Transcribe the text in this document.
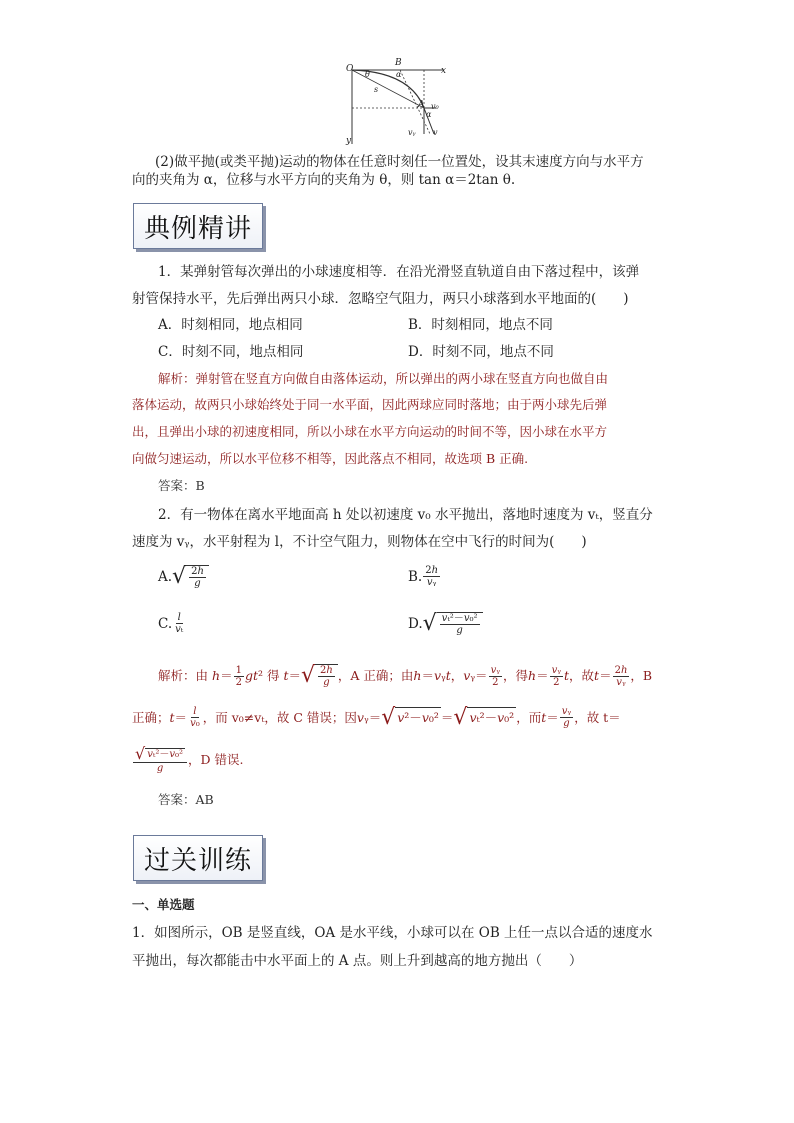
O
B
x
y
A
θ	α
α
s
v₀
vᵧ v
(2)做平抛(或类平抛)运动的物体在任意时刻任一位置处，设其末速度方向与水平方
向的夹角为 α，位移与水平方向的夹角为 θ，则 tan α＝2tan θ.
典例精讲
1．某弹射管每次弹出的小球速度相等．在沿光滑竖直轨道自由下落过程中，该弹
射管保持水平，先后弹出两只小球．忽略空气阻力，两只小球落到水平地面的(　　)
A．时刻相同，地点相同	B．时刻相同，地点不同
C．时刻不同，地点相同	D．时刻不同，地点不同
解析：弹射管在竖直方向做自由落体运动，所以弹出的两小球在竖直方向也做自由
落体运动，故两只小球始终处于同一水平面，因此两球应同时落地；由于两小球先后弹
出，且弹出小球的初速度相同，所以小球在水平方向运动的时间不等，因小球在水平方
向做匀速运动，所以水平位移不相等，因此落点不相同，故选项 B 正确.
答案：B
2．有一物体在离水平地面高 h 处以初速度 v₀ 水平抛出，落地时速度为 vₜ，竖直分
速度为 vᵧ，水平射程为 l，不计空气阻力，则物体在空中飞行的时间为(　　)
A. √ $\frac{2h}{g}$	B. $\frac{2h}{\text{vᵧ}}$
C. $\frac{l}{\text{vₜ}}$	D. √ $\frac{\text{vₜ²－v₀²}}{g}$
解析： 由 $h= \frac{1}{2} gt^2$ 得 t＝ √ $\frac{2h}{g}$ ，A 正确；由 h＝vᵧt，vᵧ＝ $\frac{\text{vᵧ}}{2}$ ，得 $h= \frac{\text{vᵧ}}{2}$ t ，故 $t= \frac{2h}{\text{vᵧ}}$ ，B
正确； $t= \frac{l}{\text{v₀}}$ ，而 v₀≠vₜ，故 C 错误；因 vᵧ＝ √ v²－v₀² ＝ √ vₜ²－v₀² ，而 $t= \frac{\text{vᵧ}}{g}$ ，故 t＝
$\frac{\text{√ vₜ²－v₀²}}{g}$ ，D 错误.
答案：AB
过关训练
一、单选题
1．如图所示，OB 是竖直线，OA 是水平线，小球可以在 OB 上任一点以合适的速度水
平抛出，每次都能击中水平面上的 A 点。则上升到越高的地方抛出（　　）
